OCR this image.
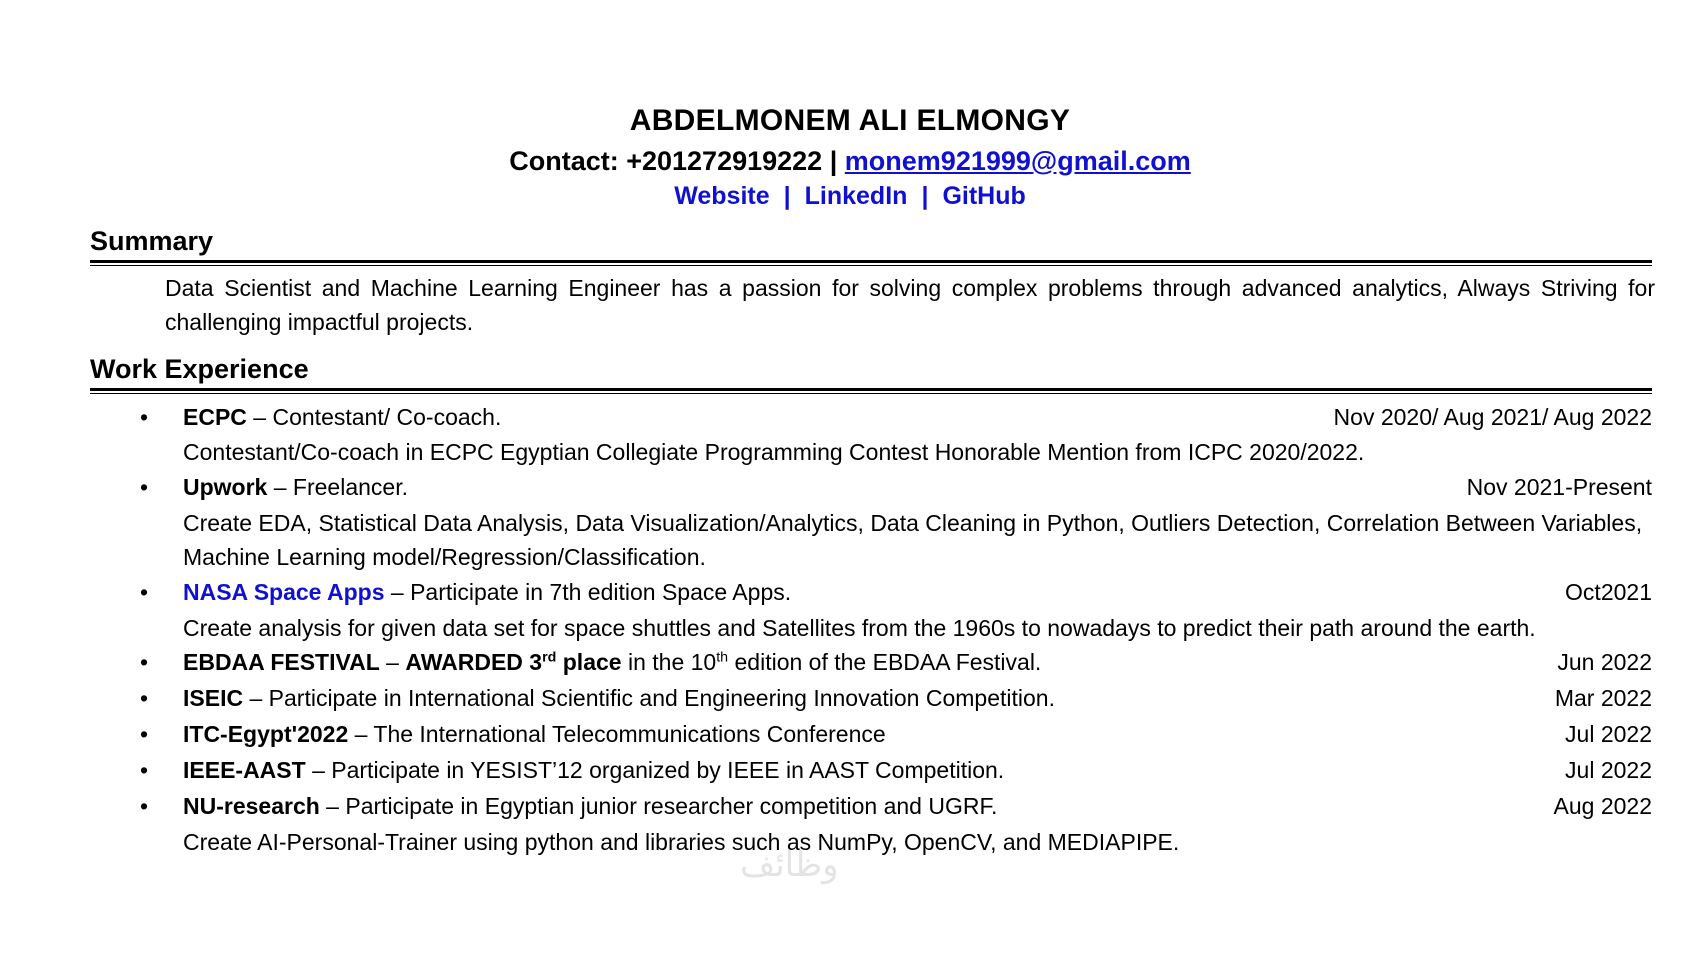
وظائف
ABDELMONEM ALI ELMONGY
Contact: +201272919222 | monem921999@gmail.com
Website | LinkedIn | GitHub
Summary
Data Scientist and Machine Learning Engineer has a passion for solving complex problems through advanced analytics, Always Striving for challenging impactful projects.
Work Experience
•	ECPC – Contestant/ Co-coach.	Nov 2020/ Aug 2021/ Aug 2022
Contestant/Co-coach in ECPC Egyptian Collegiate Programming Contest Honorable Mention from ICPC 2020/2022.
•	Upwork – Freelancer.	Nov 2021-Present
Create EDA, Statistical Data Analysis, Data Visualization/Analytics, Data Cleaning in Python, Outliers Detection, Correlation Between Variables, Machine Learning model/Regression/Classification.
•	NASA Space Apps – Participate in 7th edition Space Apps.	Oct2021
Create analysis for given data set for space shuttles and Satellites from the 1960s to nowadays to predict their path around the earth.
•	EBDAA FESTIVAL – AWARDED 3rd place in the 10th edition of the EBDAA Festival.	Jun 2022
•	ISEIC – Participate in International Scientific and Engineering Innovation Competition.	Mar 2022
•	ITC-Egypt'2022 – The International Telecommunications Conference	Jul 2022
•	IEEE-AAST – Participate in YESIST’12 organized by IEEE in AAST Competition.	Jul 2022
•	NU-research – Participate in Egyptian junior researcher competition and UGRF.	Aug 2022
Create AI-Personal-Trainer using python and libraries such as NumPy, OpenCV, and MEDIAPIPE.
